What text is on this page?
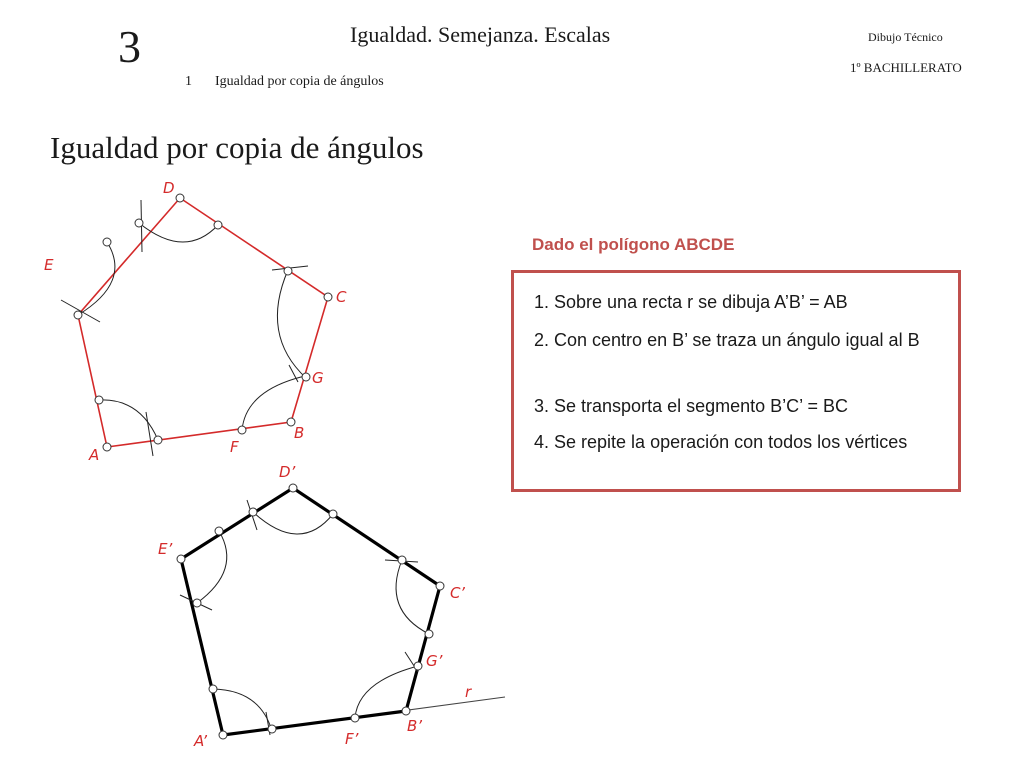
3	Igualdad. Semejanza. Escalas	Dibujo Técnico
1º BACHILLERATO
1 Igualdad por copia de ángulos
Igualdad por copia de ángulos
D
E
C
G
B
F
A
D’
E’
C’
G’
r
B’
F’
A’
Dado el polígono ABCDE
1. Sobre una recta r se dibuja A’B’ = AB
2. Con centro en B’ se traza un ángulo igual al B
3. Se transporta el segmento B’C’ = BC
4. Se repite la operación con todos los vértices
